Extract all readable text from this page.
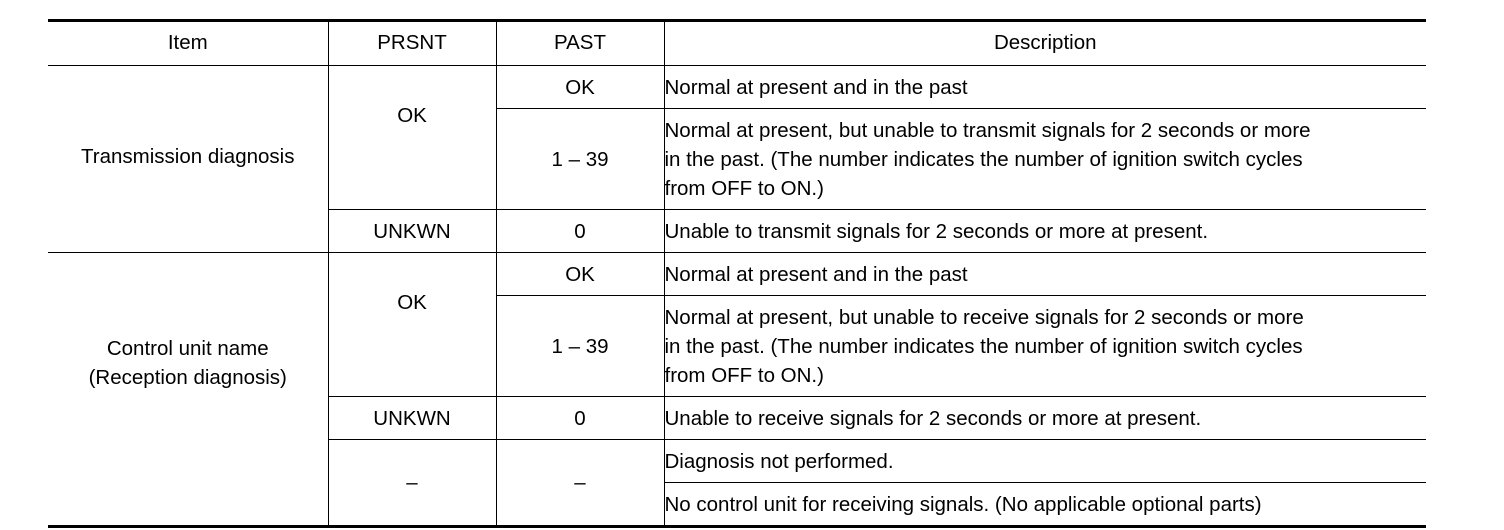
Item	PRSNT	PAST	Description

Transmission diagnosis	OK	OK	Normal at present and in the past

		1 – 39	Normal at present, but unable to transmit signals for 2 seconds or more
in the past. (The number indicates the number of ignition switch cycles
from OFF to ON.)

	UNKWN	0	Unable to transmit signals for 2 seconds or more at present.

Control unit name
(Reception diagnosis)	OK	OK	Normal at present and in the past

		1 – 39	Normal at present, but unable to receive signals for 2 seconds or more
in the past. (The number indicates the number of ignition switch cycles
from OFF to ON.)

	UNKWN	0	Unable to receive signals for 2 seconds or more at present.

	–	–	Diagnosis not performed.

			No control unit for receiving signals. (No applicable optional parts)
